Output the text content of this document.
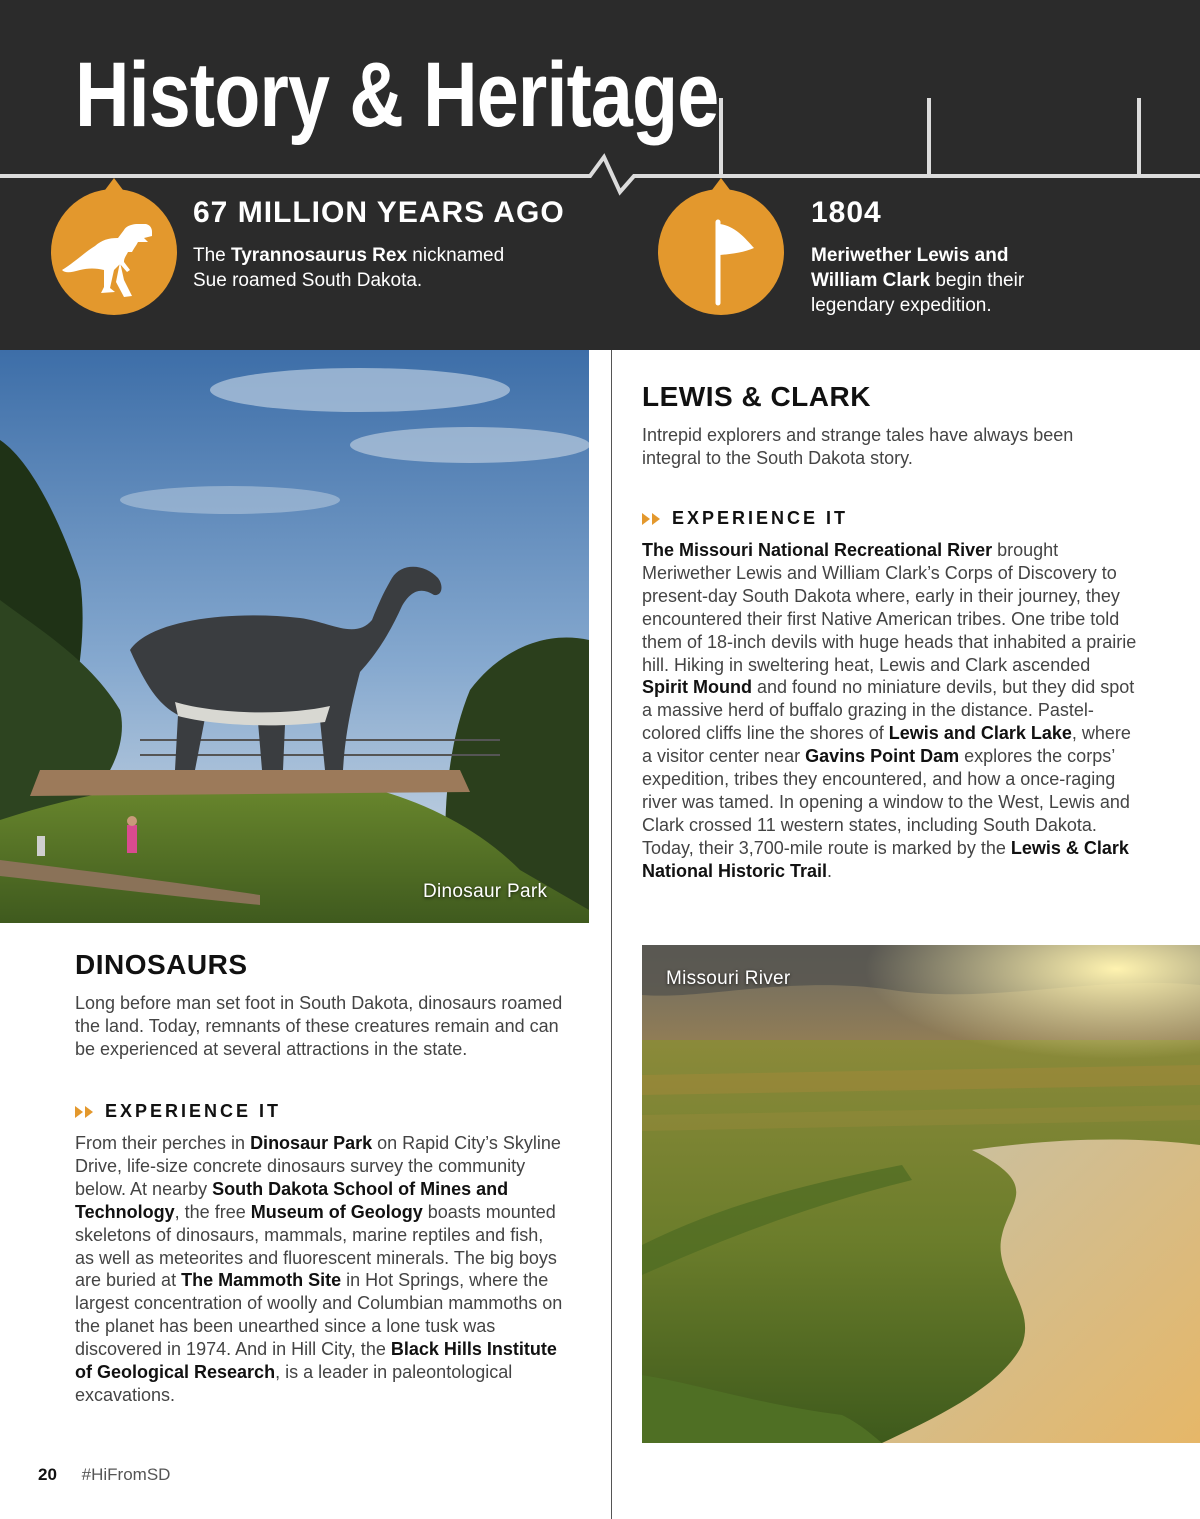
History & Heritage
67 MILLION YEARS AGO
The Tyrannosaurus Rex nicknamed Sue roamed South Dakota.
1804
Meriwether Lewis and William Clark begin their legendary expedition.
Dinosaur Park
LEWIS & CLARK

Intrepid explorers and strange tales have always been integral to the South Dakota story.

EXPERIENCE IT

The Missouri National Recreational River brought Meriwether Lewis and William Clark’s Corps of Discovery to present-day South Dakota where, early in their journey, they encountered their first Native American tribes. One tribe told them of 18-inch devils with huge heads that inhabited a prairie hill. Hiking in sweltering heat, Lewis and Clark ascended Spirit Mound and found no miniature devils, but they did spot a massive herd of buffalo grazing in the distance. Pastel-colored cliffs line the shores of Lewis and Clark Lake, where a visitor center near Gavins Point Dam explores the corps’ expedition, tribes they encountered, and how a once-raging river was tamed. In opening a window to the West, Lewis and Clark crossed 11 western states, including South Dakota. Today, their 3,700-mile route is marked by the Lewis & Clark National Historic Trail.

Missouri River
DINOSAURS

Long before man set foot in South Dakota, dinosaurs roamed the land. Today, remnants of these creatures remain and can be experienced at several attractions in the state.

EXPERIENCE IT

From their perches in Dinosaur Park on Rapid City’s Skyline Drive, life-size concrete dinosaurs survey the community below. At nearby South Dakota School of Mines and Technology, the free Museum of Geology boasts mounted skeletons of dinosaurs, mammals, marine reptiles and fish, as well as meteorites and fluorescent minerals. The big boys are buried at The Mammoth Site in Hot Springs, where the largest concentration of woolly and Columbian mammoths on the planet has been unearthed since a lone tusk was discovered in 1974. And in Hill City, the Black Hills Institute of Geological Research, is a leader in paleontological excavations.

20 #HiFromSD
